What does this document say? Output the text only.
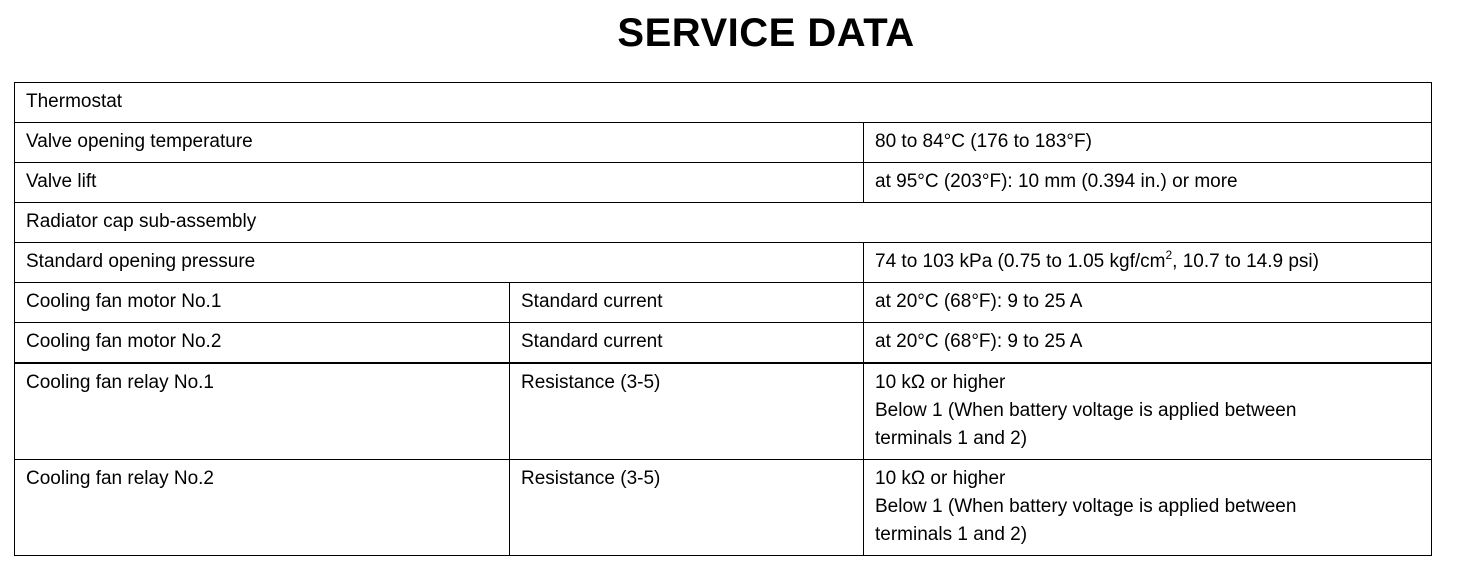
SERVICE DATA
Thermostat		
Valve opening temperature		80 to 84°C (176 to 183°F)
Valve lift		at 95°C (203°F): 10 mm (0.394 in.) or more
Radiator cap sub-assembly		
Standard opening pressure		74 to 103 kPa (0.75 to 1.05 kgf/$cm^2$, 10.7 to 14.9 psi)
Cooling fan motor No.1	Standard current	at 20°C (68°F): 9 to 25 A
Cooling fan motor No.2	Standard current	at 20°C (68°F): 9 to 25 A
Cooling fan relay No.1	Resistance (3-5)	10 kΩ or higher
Below 1 (When battery voltage is applied between
terminals 1 and 2)

Cooling fan relay No.2	Resistance (3-5)	10 kΩ or higher
Below 1 (When battery voltage is applied between
terminals 1 and 2)
